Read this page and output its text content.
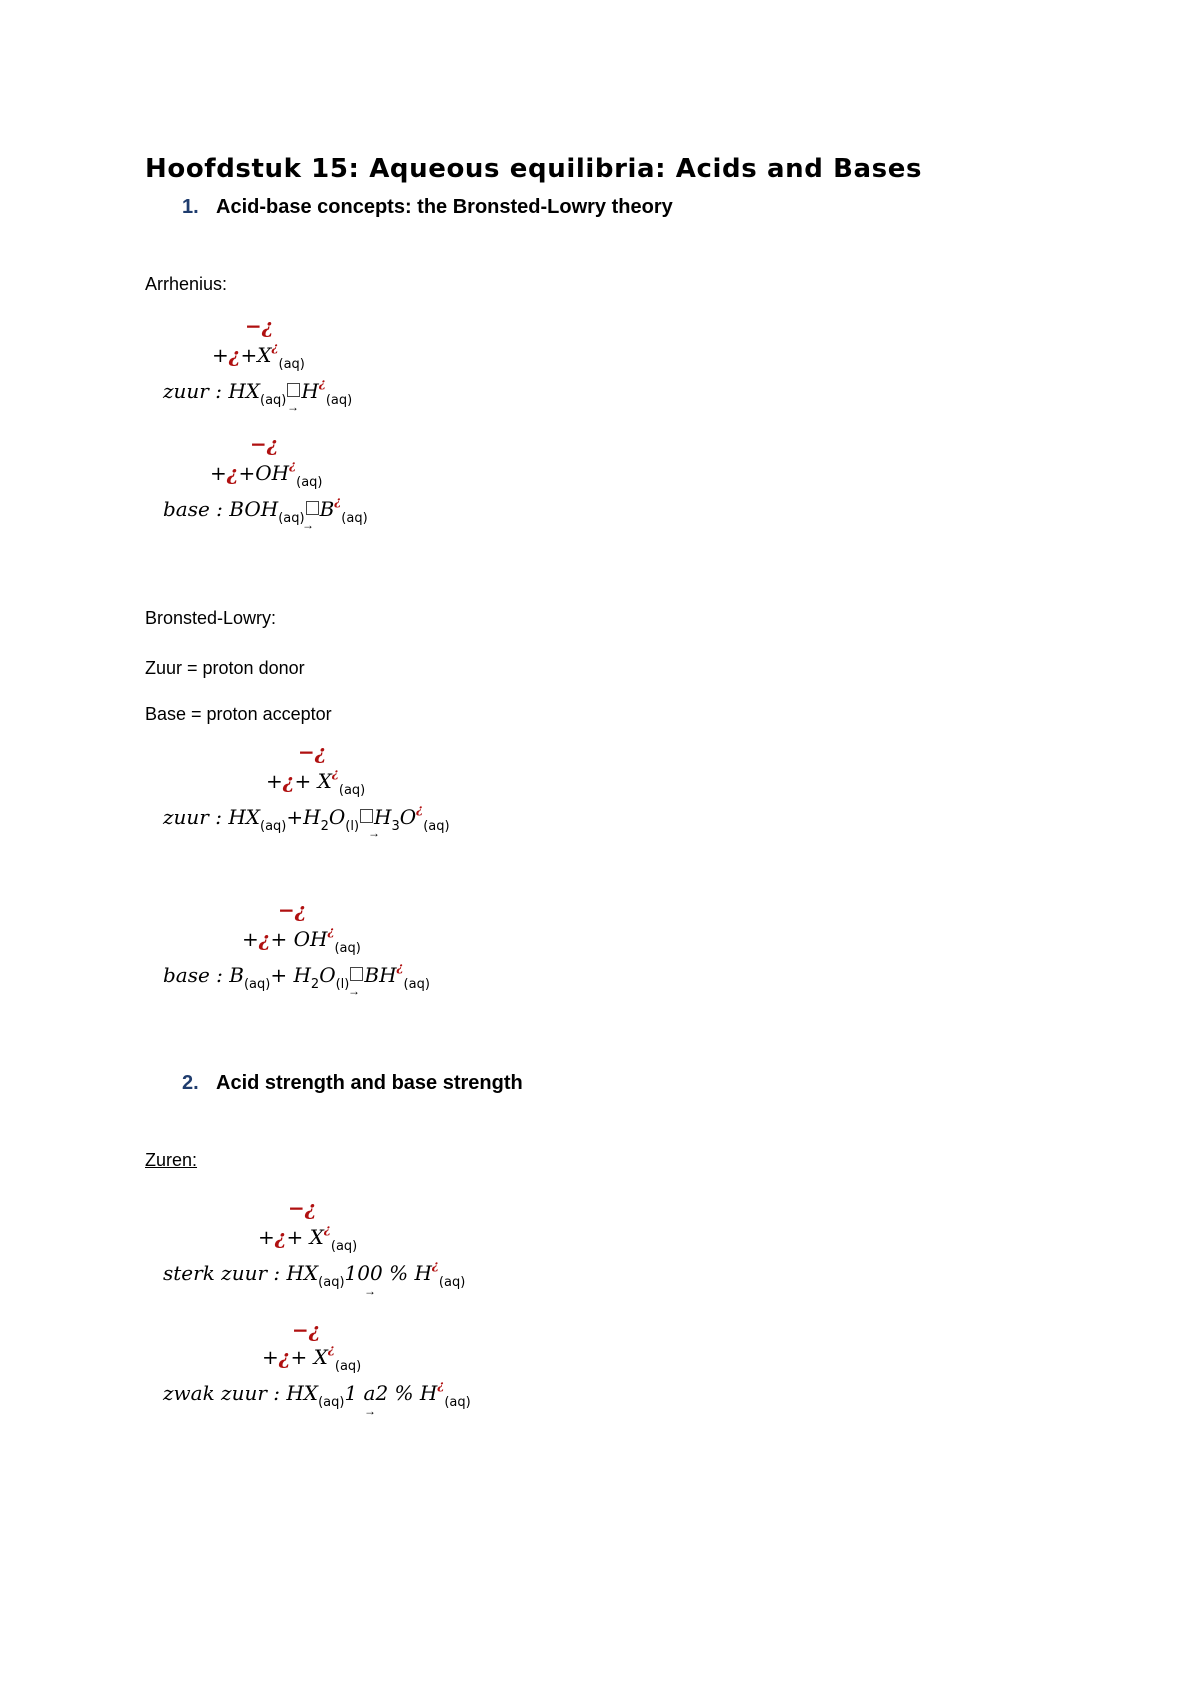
Hoofdstuk 15: Aqueous equilibria: Acids and Bases
1. Acid-base concepts: the Bronsted-Lowry theory
Arrhenius:
−¿
$+¿+X^¿_{(aq)}$
zuur : $HX_{(aq)}$ $H^¿_{(aq)}$
→
−¿
$+¿+OH^¿_{(aq)}$
base : $BOH_{(aq)}$ $B^¿_{(aq)}$
→
Bronsted-Lowry:
Zuur = proton donor
Base = proton acceptor
−¿
+¿+ $X^¿_{(aq)}$
zuur : $HX_{(aq)}+H_2O_{(l)}$ $H_3O^¿_{(aq)}$
→
−¿
+¿+ $OH^¿_{(aq)}$
base : $B_{(aq)}+ H_2O_{(l)}$ $BH^¿_{(aq)}$
→
2. Acid strength and base strength
Zuren:
−¿
+¿+ $X^¿_{(aq)}$
sterk zuur : $HX_{(aq)}100$ % $H^¿_{(aq)}$
→
−¿
+¿+ $X^¿_{(aq)}$
zwak zuur : $HX_{(aq)}1$ a2 % $H^¿_{(aq)}$
→
